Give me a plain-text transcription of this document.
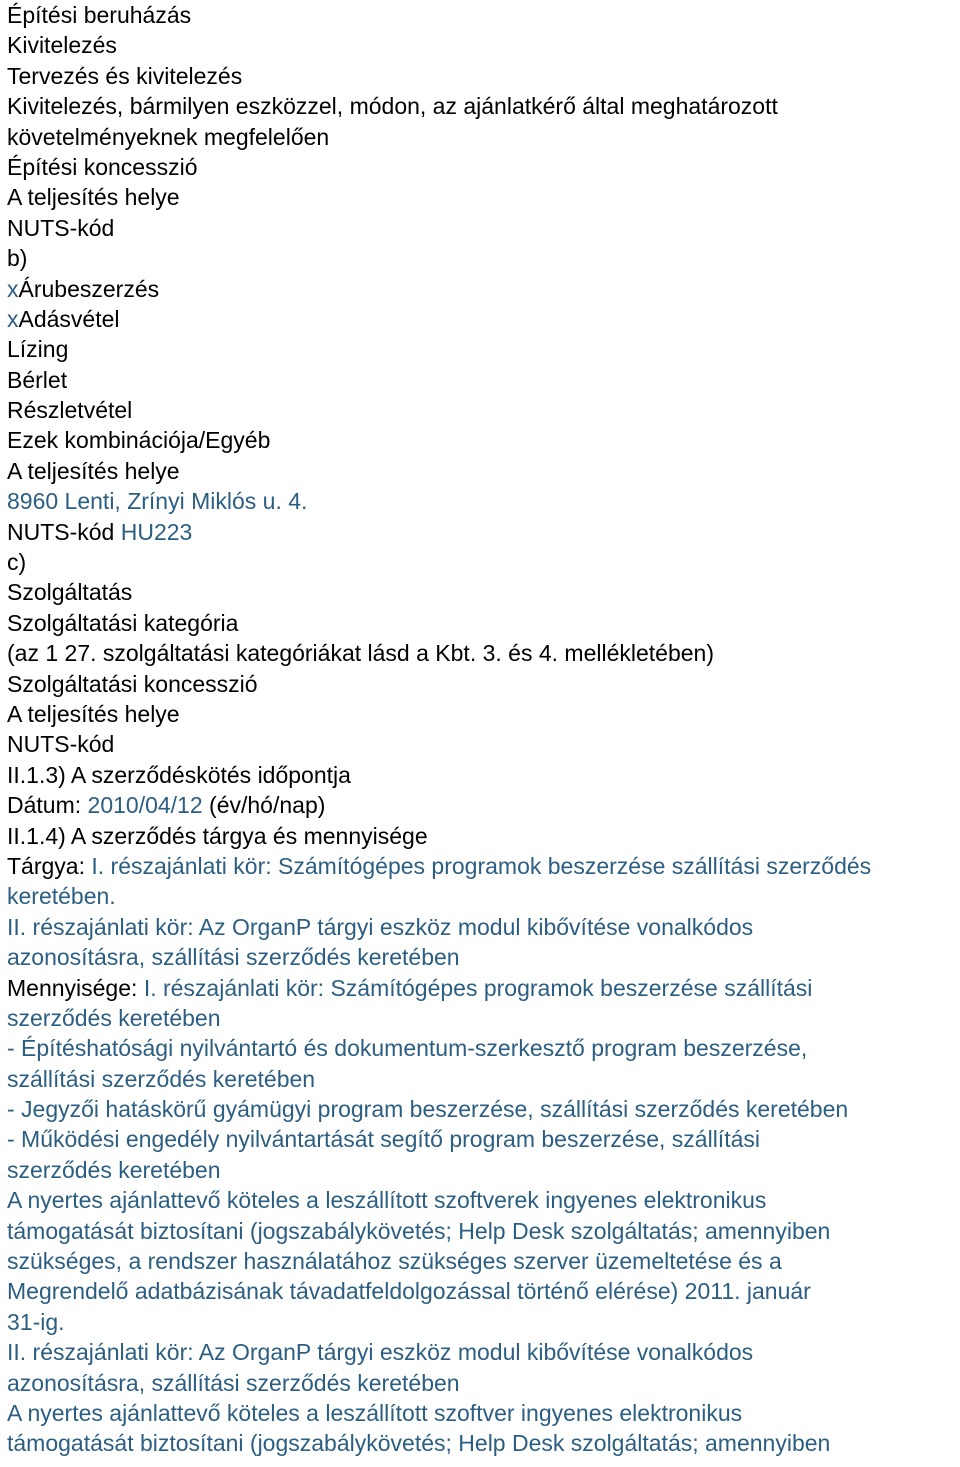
Építési beruházás
Kivitelezés
Tervezés és kivitelezés
Kivitelezés, bármilyen eszközzel, módon, az ajánlatkérő által meghatározott
követelményeknek megfelelően
Építési koncesszió
A teljesítés helye
NUTS-kód
b)
xÁrubeszerzés
xAdásvétel
Lízing
Bérlet
Részletvétel
Ezek kombinációja/Egyéb
A teljesítés helye
8960 Lenti, Zrínyi Miklós u. 4.
NUTS-kód HU223
c)
Szolgáltatás
Szolgáltatási kategória
(az 1 27. szolgáltatási kategóriákat lásd a Kbt. 3. és 4. mellékletében)
Szolgáltatási koncesszió
A teljesítés helye
NUTS-kód
II.1.3) A szerződéskötés időpontja
Dátum: 2010/04/12 (év/hó/nap)
II.1.4) A szerződés tárgya és mennyisége
Tárgya: I. részajánlati kör: Számítógépes programok beszerzése szállítási szerződés
keretében.
II. részajánlati kör: Az OrganP tárgyi eszköz modul kibővítése vonalkódos
azonosításra, szállítási szerződés keretében
Mennyisége: I. részajánlati kör: Számítógépes programok beszerzése szállítási
szerződés keretében
- Építéshatósági nyilvántartó és dokumentum-szerkesztő program beszerzése,
szállítási szerződés keretében
- Jegyzői hatáskörű gyámügyi program beszerzése, szállítási szerződés keretében
- Működési engedély nyilvántartását segítő program beszerzése, szállítási
szerződés keretében
A nyertes ajánlattevő köteles a leszállított szoftverek ingyenes elektronikus
támogatását biztosítani (jogszabálykövetés; Help Desk szolgáltatás; amennyiben
szükséges, a rendszer használatához szükséges szerver üzemeltetése és a
Megrendelő adatbázisának távadatfeldolgozással történő elérése) 2011. január
31-ig.
II. részajánlati kör: Az OrganP tárgyi eszköz modul kibővítése vonalkódos
azonosításra, szállítási szerződés keretében
A nyertes ajánlattevő köteles a leszállított szoftver ingyenes elektronikus
támogatását biztosítani (jogszabálykövetés; Help Desk szolgáltatás; amennyiben
